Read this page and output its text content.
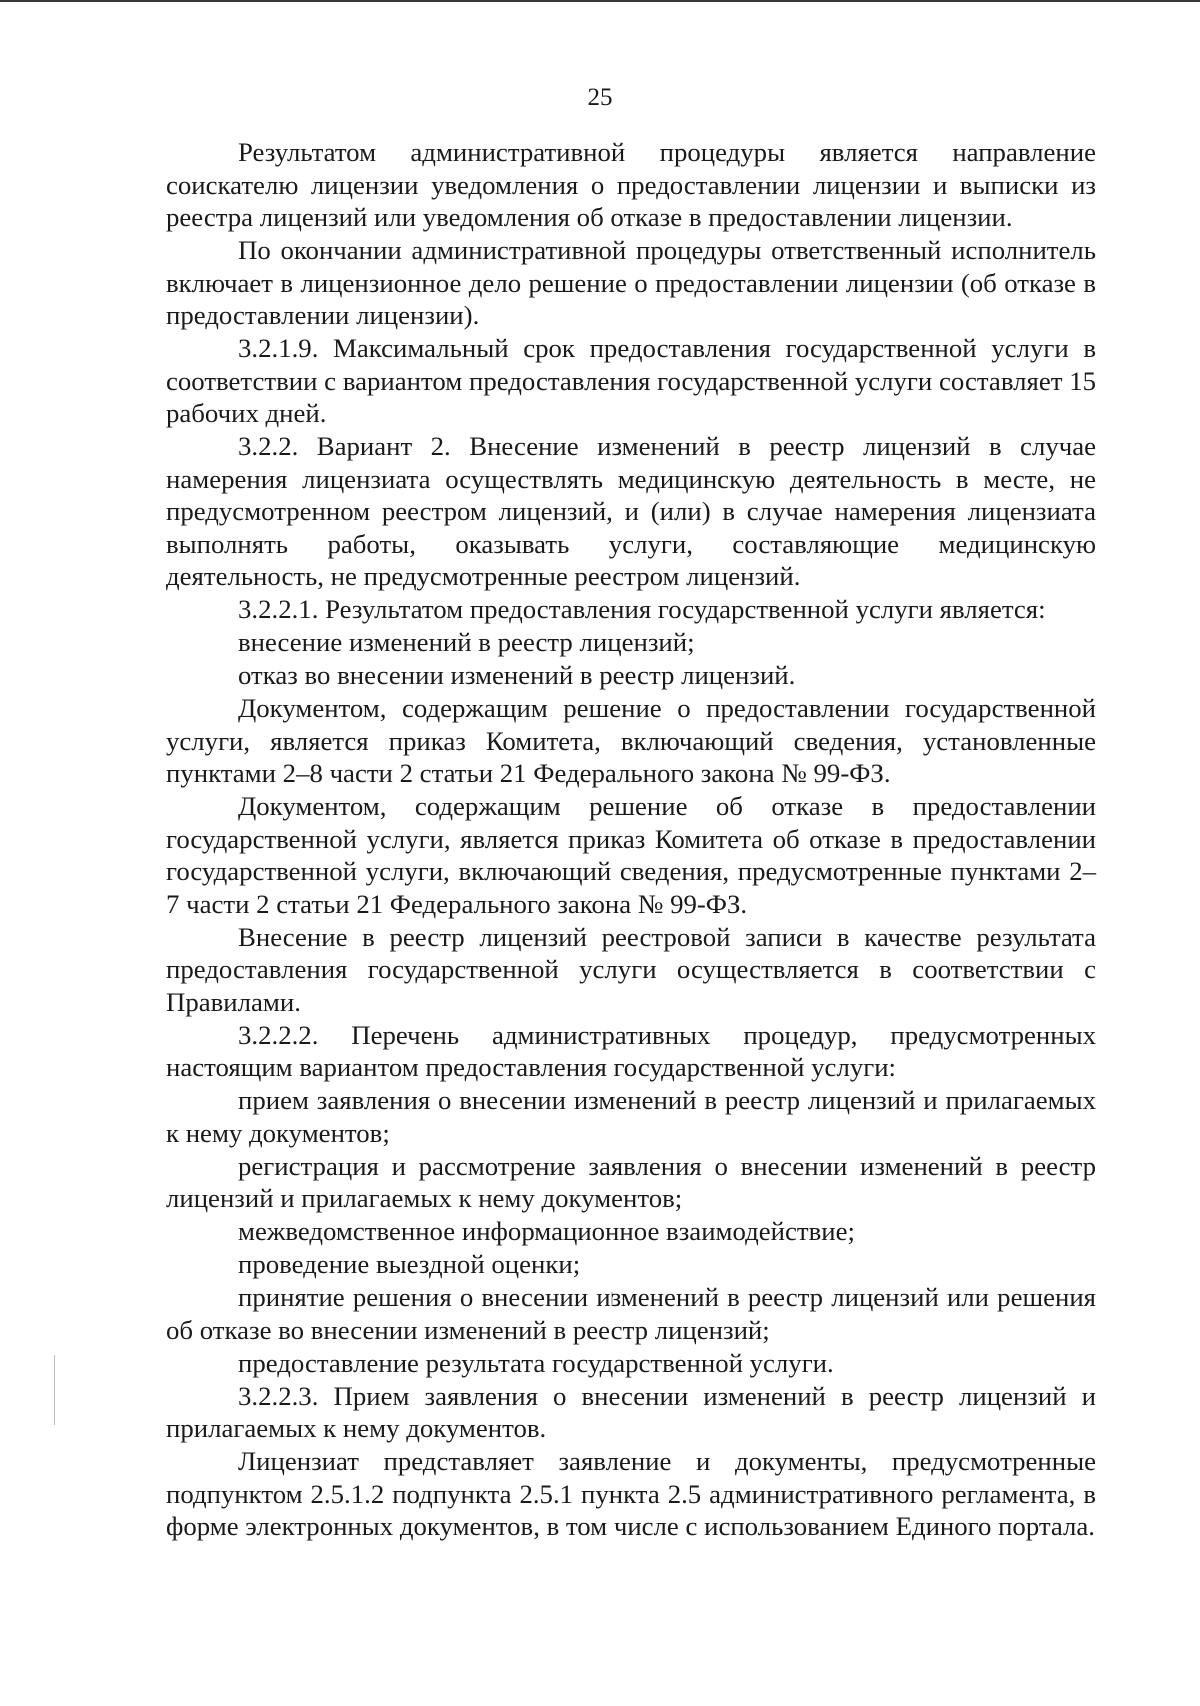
25

Результатом административной процедуры является направление соискателю лицензии уведомления о предоставлении лицензии и выписки из реестра лицензий или уведомления об отказе в предоставлении лицензии.

По окончании административной процедуры ответственный исполнитель включает в лицензионное дело решение о предоставлении лицензии (об отказе в предоставлении лицензии).

3.2.1.9. Максимальный срок предоставления государственной услуги в соответствии с вариантом предоставления государственной услуги составляет 15 рабочих дней.

3.2.2. Вариант 2. Внесение изменений в реестр лицензий в случае намерения лицензиата осуществлять медицинскую деятельность в месте, не предусмотренном реестром лицензий, и (или) в случае намерения лицензиата выполнять работы, оказывать услуги, составляющие медицинскую деятельность, не предусмотренные реестром лицензий.

3.2.2.1. Результатом предоставления государственной услуги является:

внесение изменений в реестр лицензий;

отказ во внесении изменений в реестр лицензий.

Документом, содержащим решение о предоставлении государственной услуги, является приказ Комитета, включающий сведения, установленные пунктами 2–8 части 2 статьи 21 Федерального закона № 99-ФЗ.

Документом, содержащим решение об отказе в предоставлении государственной услуги, является приказ Комитета об отказе в предоставлении государственной услуги, включающий сведения, предусмотренные пунктами 2–7 части 2 статьи 21 Федерального закона № 99-ФЗ.

Внесение в реестр лицензий реестровой записи в качестве результата предоставления государственной услуги осуществляется в соответствии с Правилами.

3.2.2.2. Перечень административных процедур, предусмотренных настоящим вариантом предоставления государственной услуги:

прием заявления о внесении изменений в реестр лицензий и прилагаемых к нему документов;

регистрация и рассмотрение заявления о внесении изменений в реестр лицензий и прилагаемых к нему документов;

межведомственное информационное взаимодействие;

проведение выездной оценки;

принятие решения о внесении изменений в реестр лицензий или решения об отказе во внесении изменений в реестр лицензий;

предоставление результата государственной услуги.

3.2.2.3. Прием заявления о внесении изменений в реестр лицензий и прилагаемых к нему документов.

Лицензиат представляет заявление и документы, предусмотренные подпунктом 2.5.1.2 подпункта 2.5.1 пункта 2.5 административного регламента, в форме электронных документов, в том числе с использованием Единого портала.
